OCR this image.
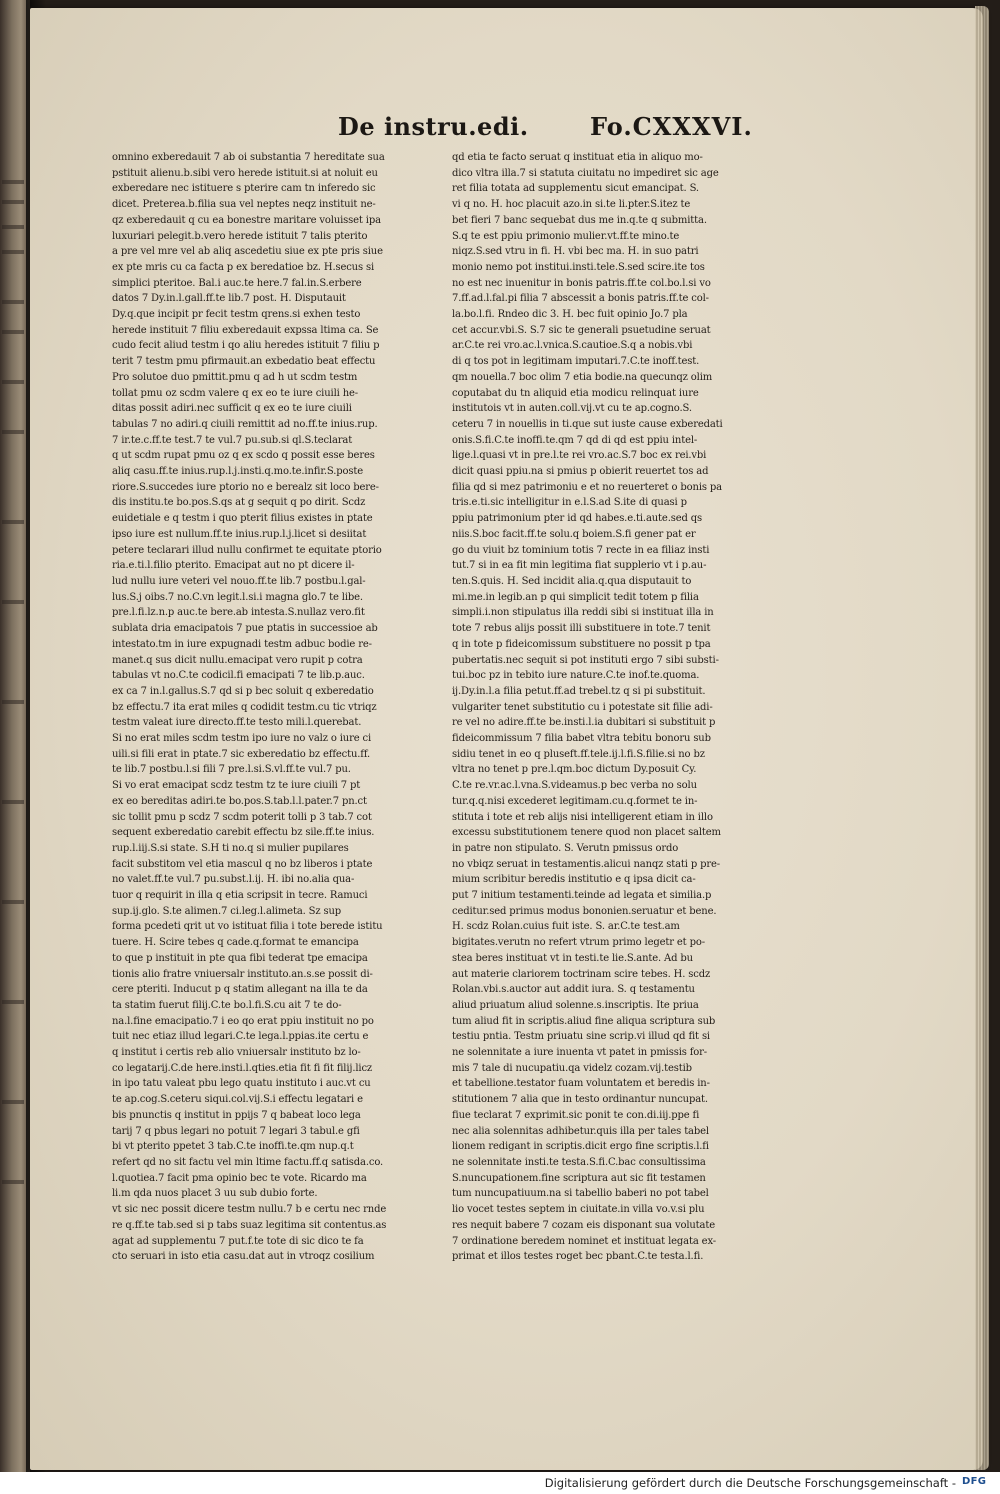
De instru.edi.	Fo.CXXXVI.
omnino exberedauit 7 ab oi substantia 7 hereditate sua
pstituit alienu.b.sibi vero herede istituit.si at noluit eu
exberedare nec istituere s pterire cam tn inferedo sic
dicet. Preterea.b.filia sua vel neptes neqz instituit ne-
qz exberedauit q cu ea bonestre maritare voluisset ipa
luxuriari pelegit.b.vero herede istituit 7 talis pterito
a pre vel mre vel ab aliq ascedetiu siue ex pte pris siue
ex pte mris cu ca facta p ex beredatioe bz. H.secus si
simplici pteritoe. Bal.i auc.te here.7 fal.in.S.erbere
datos 7 Dy.in.l.gall.ff.te lib.7 post. H. Disputauit
Dy.q.que incipit pr fecit testm qrens.si exhen testo
herede instituit 7 filiu exberedauit expssa ltima ca. Se
cudo fecit aliud testm i qo aliu heredes istituit 7 filiu p
terit 7 testm pmu pfirmauit.an exbedatio beat effectu
Pro solutoe duo pmittit.pmu q ad h ut scdm testm
tollat pmu oz scdm valere q ex eo te iure ciuili he-
ditas possit adiri.nec sufficit q ex eo te iure ciuili
tabulas 7 no adiri.q ciuili remittit ad no.ff.te inius.rup.
7 ir.te.c.ff.te test.7 te vul.7 pu.sub.si ql.S.teclarat
q ut scdm rupat pmu oz q ex scdo q possit esse beres
aliq casu.ff.te inius.rup.l.j.insti.q.mo.te.infir.S.poste
riore.S.succedes iure ptorio no e berealz sit loco bere-
dis institu.te bo.pos.S.qs at g sequit q po dirit. Scdz
euidetiale e q testm i quo pterit filius existes in ptate
ipso iure est nullum.ff.te inius.rup.l.j.licet si desiitat
petere teclarari illud nullu confirmet te equitate ptorio
ria.e.ti.l.filio pterito. Emacipat aut no pt dicere il-
lud nullu iure veteri vel nouo.ff.te lib.7 postbu.l.gal-
lus.S.j oibs.7 no.C.vn legit.l.si.i magna glo.7 te libe.
pre.l.fi.lz.n.p auc.te bere.ab intesta.S.nullaz vero.fit
sublata dria emacipatois 7 pue ptatis in successioe ab
intestato.tm in iure expugnadi testm adbuc bodie re-
manet.q sus dicit nullu.emacipat vero rupit p cotra
tabulas vt no.C.te codicil.fi emacipati 7 te lib.p.auc.
ex ca 7 in.l.gallus.S.7 qd si p bec soluit q exberedatio
bz effectu.7 ita erat miles q codidit testm.cu tic vtriqz
testm valeat iure directo.ff.te testo mili.l.querebat.
Si no erat miles scdm testm ipo iure no valz o iure ci
uili.si fili erat in ptate.7 sic exberedatio bz effectu.ff.
te lib.7 postbu.l.si fili 7 pre.l.si.S.vl.ff.te vul.7 pu.
Si vo erat emacipat scdz testm tz te iure ciuili 7 pt
ex eo bereditas adiri.te bo.pos.S.tab.l.l.pater.7 pn.ct
sic tollit pmu p scdz 7 scdm poterit tolli p 3 tab.7 cot
sequent exberedatio carebit effectu bz sile.ff.te inius.
rup.l.iij.S.si state. S.H ti no.q si mulier pupilares
facit substitom vel etia mascul q no bz liberos i ptate
no valet.ff.te vul.7 pu.subst.l.ij. H. ibi no.alia qua-
tuor q requirit in illa q etia scripsit in tecre. Ramuci
sup.ij.glo. S.te alimen.7 ci.leg.l.alimeta. Sz sup
forma pcedeti qrit ut vo istituat filia i tote berede istitu
tuere. H. Scire tebes q cade.q.format te emancipa
to que p instituit in pte qua fibi tederat tpe emacipa
tionis alio fratre vniuersalr instituto.an.s.se possit di-
cere pteriti. Inducut p q statim allegant na illa te da
ta statim fuerut filij.C.te bo.l.fi.S.cu ait 7 te do-
na.l.fine emacipatio.7 i eo qo erat ppiu instituit no po
tuit nec etiaz illud legari.C.te lega.l.ppias.ite certu e
q institut i certis reb alio vniuersalr instituto bz lo-
co legatarij.C.de here.insti.l.qties.etia fit fi fit filij.licz
in ipo tatu valeat pbu lego quatu instituto i auc.vt cu
te ap.cog.S.ceteru siqui.col.vij.S.i effectu legatari e
bis pnunctis q institut in ppijs 7 q babeat loco lega
tarij 7 q pbus legari no potuit 7 legari 3 tabul.e gfi
bi vt pterito ppetet 3 tab.C.te inoffi.te.qm nup.q.t
refert qd no sit factu vel min ltime factu.ff.q satisda.co.
l.quotiea.7 facit pma opinio bec te vote. Ricardo ma
li.m qda nuos placet 3 uu sub dubio forte.
vt sic nec possit dicere testm nullu.7 b e certu nec rnde
re q.ff.te tab.sed si p tabs suaz legitima sit contentus.as
agat ad supplementu 7 put.f.te tote di sic dico te fa
cto seruari in isto etia casu.dat aut in vtroqz cosilium
qd etia te facto seruat q instituat etia in aliquo mo-
dico vltra illa.7 si statuta ciuitatu no impediret sic age
ret filia totata ad supplementu sicut emancipat. S.
vi q no. H. hoc placuit azo.in si.te li.pter.S.itez te
bet fieri 7 banc sequebat dus me in.q.te q submitta.
S.q te est ppiu primonio mulier.vt.ff.te mino.te
niqz.S.sed vtru in fi. H. vbi bec ma. H. in suo patri
monio nemo pot institui.insti.tele.S.sed scire.ite tos
no est nec inuenitur in bonis patris.ff.te col.bo.l.si vo
7.ff.ad.l.fal.pi filia 7 abscessit a bonis patris.ff.te col-
la.bo.l.fi. Rndeo dic 3. H. bec fuit opinio Jo.7 pla
cet accur.vbi.S. S.7 sic te generali psuetudine seruat
ar.C.te rei vro.ac.l.vnica.S.cautioe.S.q a nobis.vbi
di q tos pot in legitimam imputari.7.C.te inoff.test.
qm nouella.7 boc olim 7 etia bodie.na quecunqz olim
coputabat du tn aliquid etia modicu relinquat iure
institutois vt in auten.coll.vij.vt cu te ap.cogno.S.
ceteru 7 in nouellis in ti.que sut iuste cause exberedati
onis.S.fi.C.te inoffi.te.qm 7 qd di qd est ppiu intel-
lige.l.quasi vt in pre.l.te rei vro.ac.S.7 boc ex rei.vbi
dicit quasi ppiu.na si pmius p obierit reuertet tos ad
filia qd si mez patrimoniu e et no reuerteret o bonis pa
tris.e.ti.sic intelligitur in e.l.S.ad S.ite di quasi p
ppiu patrimonium pter id qd habes.e.ti.aute.sed qs
niis.S.boc facit.ff.te solu.q boiem.S.fi gener pat er
go du viuit bz tominium totis 7 recte in ea filiaz insti
tut.7 si in ea fit min legitima fiat supplerio vt i p.au-
ten.S.quis. H. Sed incidit alia.q.qua disputauit to
mi.me.in legib.an p qui simplicit tedit totem p filia
simpli.i.non stipulatus illa reddi sibi si instituat illa in
tote 7 rebus alijs possit illi substituere in tote.7 tenit
q in tote p fideicomissum substituere no possit p tpa
pubertatis.nec sequit si pot instituti ergo 7 sibi substi-
tui.boc pz in tebito iure nature.C.te inof.te.quoma.
ij.Dy.in.l.a filia petut.ff.ad trebel.tz q si pi substituit.
vulgariter tenet substitutio cu i potestate sit filie adi-
re vel no adire.ff.te be.insti.l.ia dubitari si substituit p
fideicommissum 7 filia babet vltra tebitu bonoru sub
sidiu tenet in eo q pluseft.ff.tele.ij.l.fi.S.filie.si no bz
vltra no tenet p pre.l.qm.boc dictum Dy.posuit Cy.
C.te re.vr.ac.l.vna.S.videamus.p bec verba no solu
tur.q.q.nisi excederet legitimam.cu.q.formet te in-
stituta i tote et reb alijs nisi intelligerent etiam in illo
excessu substitutionem tenere quod non placet saltem
in patre non stipulato. S. Verutn pmissus ordo
no vbiqz seruat in testamentis.alicui nanqz stati p pre-
mium scribitur beredis institutio e q ipsa dicit ca-
put 7 initium testamenti.teinde ad legata et similia.p
ceditur.sed primus modus bononien.seruatur et bene.
H. scdz Rolan.cuius fuit iste. S. ar.C.te test.am
bigitates.verutn no refert vtrum primo legetr et po-
stea beres instituat vt in testi.te lie.S.ante. Ad bu
aut materie clariorem toctrinam scire tebes. H. scdz
Rolan.vbi.s.auctor aut addit iura. S. q testamentu
aliud priuatum aliud solenne.s.inscriptis. Ite priua
tum aliud fit in scriptis.aliud fine aliqua scriptura sub
testiu pntia. Testm priuatu sine scrip.vi illud qd fit si
ne solennitate a iure inuenta vt patet in pmissis for-
mis 7 tale di nucupatiu.qa videlz cozam.vij.testib
et tabellione.testator fuam voluntatem et beredis in-
stitutionem 7 alia que in testo ordinantur nuncupat.
fiue teclarat 7 exprimit.sic ponit te con.di.iij.ppe fi
nec alia solennitas adhibetur.quis illa per tales tabel
lionem redigant in scriptis.dicit ergo fine scriptis.l.fi
ne solennitate insti.te testa.S.fi.C.bac consultissima
S.nuncupationem.fine scriptura aut sic fit testamen
tum nuncupatiuum.na si tabellio baberi no pot tabel
lio vocet testes septem in ciuitate.in villa vo.v.si plu
res nequit babere 7 cozam eis disponant sua volutate
7 ordinatione beredem nominet et instituat legata ex-
primat et illos testes roget bec pbant.C.te testa.l.fi.
Digitalisierung gefördert durch die Deutsche Forschungsgemeinschaft - DFG
